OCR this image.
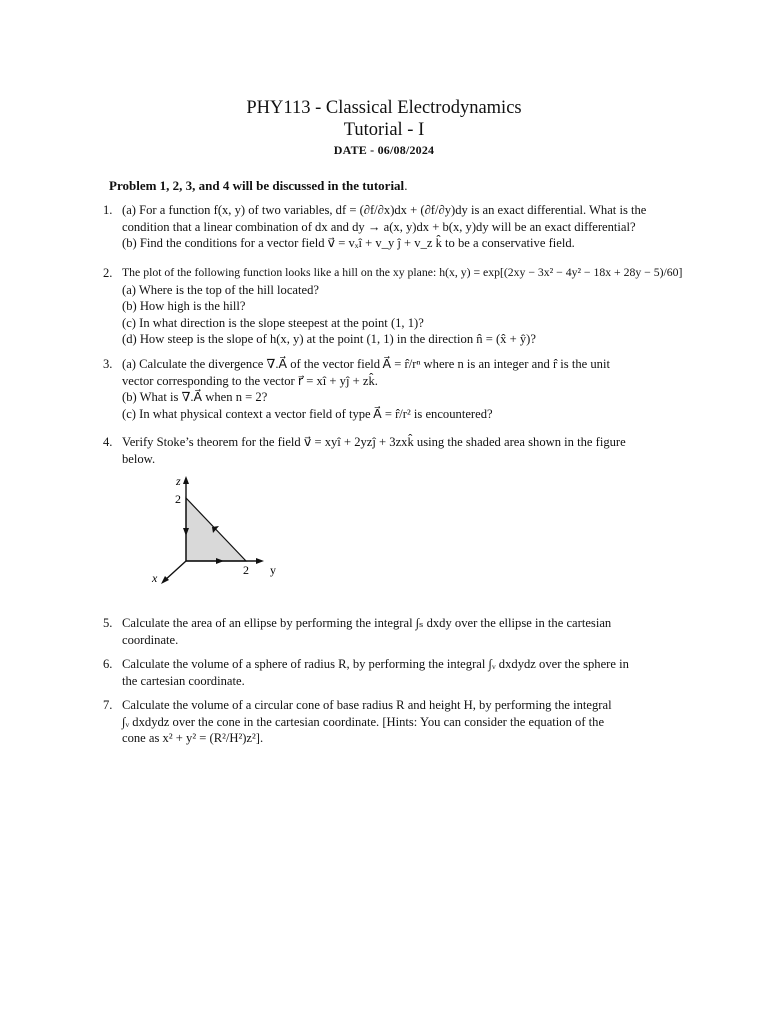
PHY113 - Classical Electrodynamics
Tutorial - I
DATE - 06/08/2024
Problem 1, 2, 3, and 4 will be discussed in the tutorial.
1. (a) For a function f(x, y) of two variables, df = (∂f/∂x)dx + (∂f/∂y)dy is an exact differential. What is the
condition that a linear combination of dx and dy → a(x, y)dx + b(x, y)dy will be an exact differential?
(b) Find the conditions for a vector field v⃗ = vₓî + v_y ĵ + v_z k̂ to be a conservative field.
2. The plot of the following function looks like a hill on the xy plane: h(x, y) = exp[(2xy − 3x² − 4y² − 18x + 28y − 5)/60]
(a) Where is the top of the hill located?
(b) How high is the hill?
(c) In what direction is the slope steepest at the point (1, 1)?
(d) How steep is the slope of h(x, y) at the point (1, 1) in the direction n̂ = (x̂ + ŷ)?
3. (a) Calculate the divergence ∇.A⃗ of the vector field A⃗ = r̂/rⁿ where n is an integer and r̂ is the unit
vector corresponding to the vector r⃗ = xî + yĵ + zk̂.
(b) What is ∇.A⃗ when n = 2?
(c) In what physical context a vector field of type A⃗ = r̂/r² is encountered?
4. Verify Stoke’s theorem for the field v⃗ = xyî + 2yzĵ + 3zxk̂ using the shaded area shown in the figure
below.
z
2
2 y
x
5. Calculate the area of an ellipse by performing the integral ∫ₛ dxdy over the ellipse in the cartesian
coordinate.
6. Calculate the volume of a sphere of radius R, by performing the integral ∫ᵥ dxdydz over the sphere in
the cartesian coordinate.
7. Calculate the volume of a circular cone of base radius R and height H, by performing the integral
∫ᵥ dxdydz over the cone in the cartesian coordinate. [Hints: You can consider the equation of the
cone as x² + y² = (R²/H²)z²].
